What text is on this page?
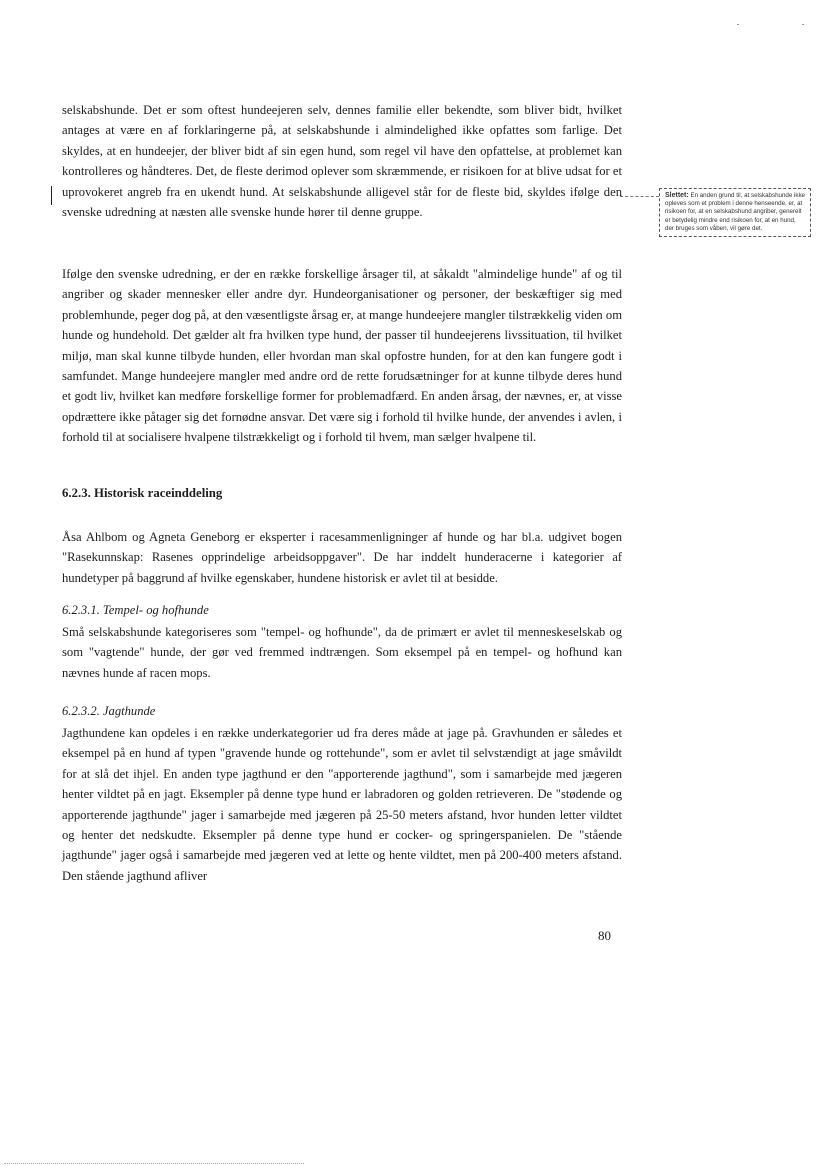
selskabshunde. Det er som oftest hundeejeren selv, dennes familie eller bekendte, som bliver bidt, hvilket antages at være en af forklaringerne på, at selskabshunde i almindelighed ikke opfattes som farlige. Det skyldes, at en hundeejer, der bliver bidt af sin egen hund, som regel vil have den opfattelse, at problemet kan kontrolleres og håndteres. Det, de fleste derimod oplever som skræmmende, er risikoen for at blive udsat for et uprovokeret angreb fra en ukendt hund. At selskabshunde alligevel står for de fleste bid, skyldes ifølge den svenske udredning at næsten alle svenske hunde hører til denne gruppe.

Slettet: En anden grund til, at selskabshunde ikke opleves som et problem i denne henseende, er, at risikoen for, at en selskabshund angriber, generelt er betydelig mindre end risikoen for, at en hund, der bruges som våben, vil gøre det.

Ifølge den svenske udredning, er der en række forskellige årsager til, at såkaldt "almindelige hunde" af og til angriber og skader mennesker eller andre dyr. Hundeorganisationer og personer, der beskæftiger sig med problemhunde, peger dog på, at den væsentligste årsag er, at mange hundeejere mangler tilstrækkelig viden om hunde og hundehold. Det gælder alt fra hvilken type hund, der passer til hundeejerens livssituation, til hvilket miljø, man skal kunne tilbyde hunden, eller hvordan man skal opfostre hunden, for at den kan fungere godt i samfundet. Mange hundeejere mangler med andre ord de rette forudsætninger for at kunne tilbyde deres hund et godt liv, hvilket kan medføre forskellige former for problemadfærd. En anden årsag, der nævnes, er, at visse opdrættere ikke påtager sig det fornødne ansvar. Det være sig i forhold til hvilke hunde, der anvendes i avlen, i forhold til at socialisere hvalpene tilstrækkeligt og i forhold til hvem, man sælger hvalpene til.

6.2.3. Historisk raceinddeling

Åsa Ahlbom og Agneta Geneborg er eksperter i racesammenligninger af hunde og har bl.a. udgivet bogen "Rasekunnskap: Rasenes opprindelige arbeidsoppgaver". De har inddelt hunderacerne i kategorier af hundetyper på baggrund af hvilke egenskaber, hundene historisk er avlet til at besidde.

6.2.3.1. Tempel- og hofhunde

Små selskabshunde kategoriseres som "tempel- og hofhunde", da de primært er avlet til menneskeselskab og som "vagtende" hunde, der gør ved fremmed indtrængen. Som eksempel på en tempel- og hofhund kan nævnes hunde af racen mops.

6.2.3.2. Jagthunde

Jagthundene kan opdeles i en række underkategorier ud fra deres måde at jage på. Gravhunden er således et eksempel på en hund af typen "gravende hunde og rottehunde", som er avlet til selvstændigt at jage småvildt for at slå det ihjel. En anden type jagthund er den "apporterende jagthund", som i samarbejde med jægeren henter vildtet på en jagt. Eksempler på denne type hund er labradoren og golden retrieveren. De "stødende og apporterende jagthunde" jager i samarbejde med jægeren på 25-50 meters afstand, hvor hunden letter vildtet og henter det nedskudte. Eksempler på denne type hund er cocker- og springerspanielen. De "stående jagthunde" jager også i samarbejde med jægeren ved at lette og hente vildtet, men på 200-400 meters afstand. Den stående jagthund afliver

80
